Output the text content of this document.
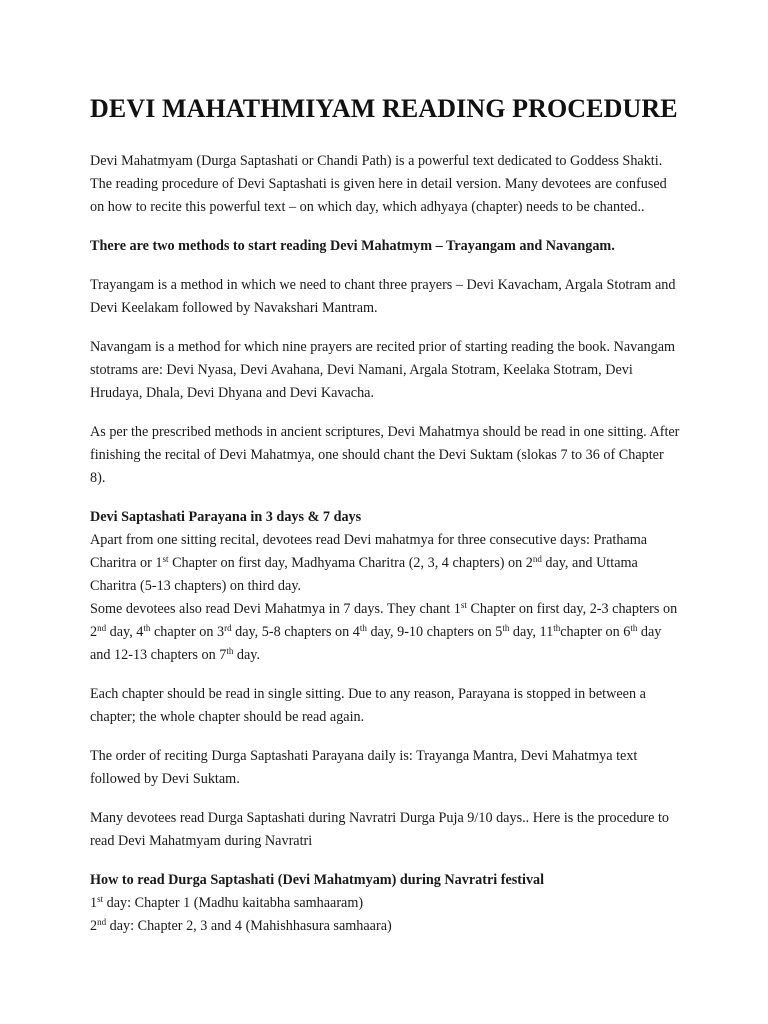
DEVI MAHATHMIYAM READING PROCEDURE

Devi Mahatmyam (Durga Saptashati or Chandi Path) is a powerful text dedicated to Goddess Shakti. The reading procedure of Devi Saptashati is given here in detail version. Many devotees are confused on how to recite this powerful text – on which day, which adhyaya (chapter) needs to be chanted..

There are two methods to start reading Devi Mahatmym – Trayangam and Navangam.

Trayangam is a method in which we need to chant three prayers – Devi Kavacham, Argala Stotram and Devi Keelakam followed by Navakshari Mantram.

Navangam is a method for which nine prayers are recited prior of starting reading the book. Navangam stotrams are: Devi Nyasa, Devi Avahana, Devi Namani, Argala Stotram, Keelaka Stotram, Devi Hrudaya, Dhala, Devi Dhyana and Devi Kavacha.

As per the prescribed methods in ancient scriptures, Devi Mahatmya should be read in one sitting. After finishing the recital of Devi Mahatmya, one should chant the Devi Suktam (slokas 7 to 36 of Chapter 8).

Devi Saptashati Parayana in 3 days & 7 days

Apart from one sitting recital, devotees read Devi mahatmya for three consecutive days: Prathama Charitra or 1st Chapter on first day, Madhyama Charitra (2, 3, 4 chapters) on 2nd day, and Uttama Charitra (5-13 chapters) on third day.

Some devotees also read Devi Mahatmya in 7 days. They chant 1st Chapter on first day, 2-3 chapters on 2nd day, 4th chapter on 3rd day, 5-8 chapters on 4th day, 9-10 chapters on 5th day, 11thchapter on 6th day and 12-13 chapters on 7th day.

Each chapter should be read in single sitting. Due to any reason, Parayana is stopped in between a chapter; the whole chapter should be read again.

The order of reciting Durga Saptashati Parayana daily is: Trayanga Mantra, Devi Mahatmya text followed by Devi Suktam.

Many devotees read Durga Saptashati during Navratri Durga Puja 9/10 days.. Here is the procedure to read Devi Mahatmyam during Navratri

How to read Durga Saptashati (Devi Mahatmyam) during Navratri festival

1st day: Chapter 1 (Madhu kaitabha samhaaram)

2nd day: Chapter 2, 3 and 4 (Mahishhasura samhaara)
